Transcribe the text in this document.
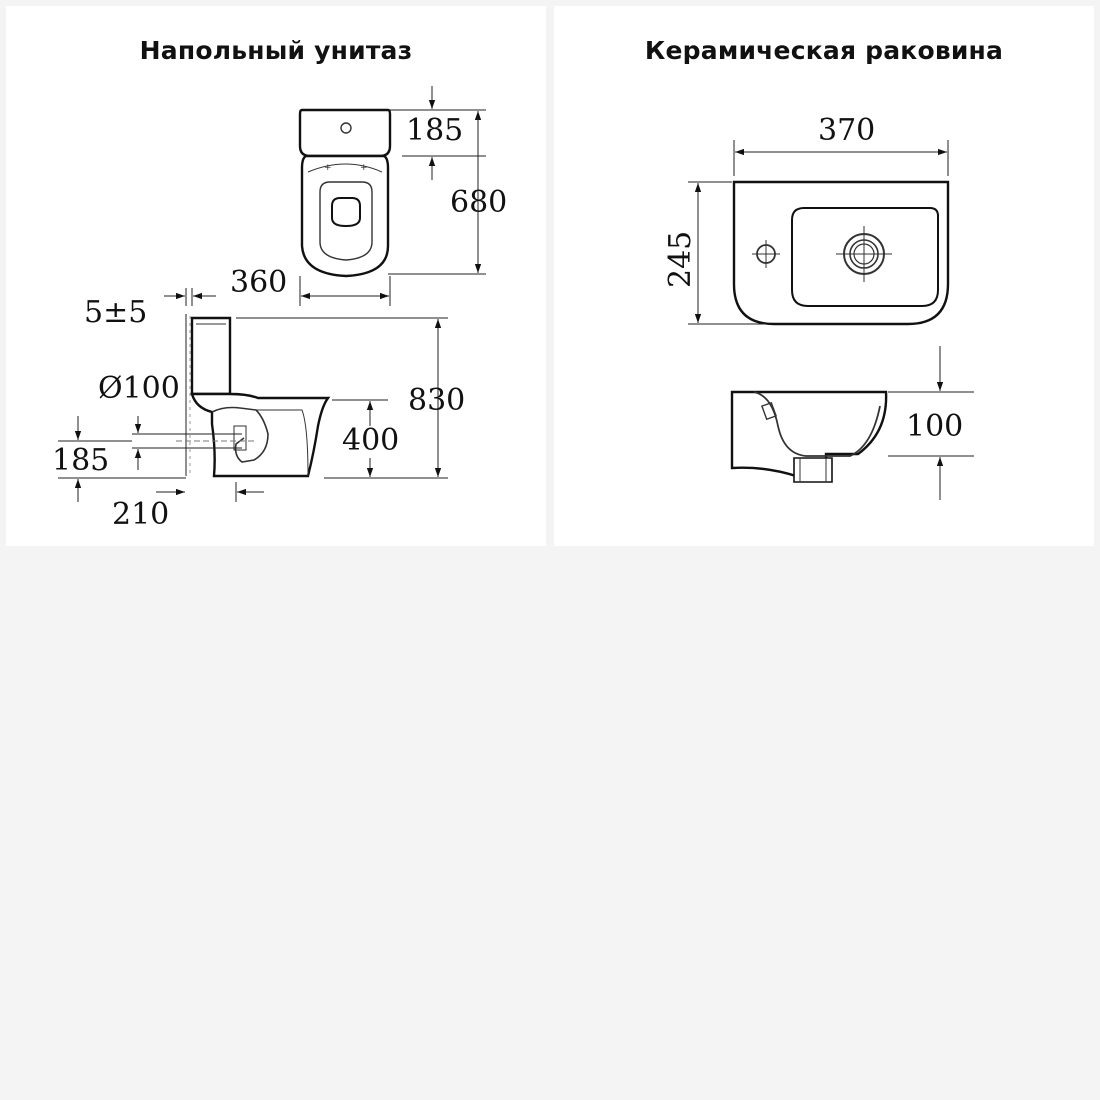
Напольный унитаз
+	+
185
680
360
5±5
830
400
Ø100
185
210
Керамическая раковина
370
245
100
